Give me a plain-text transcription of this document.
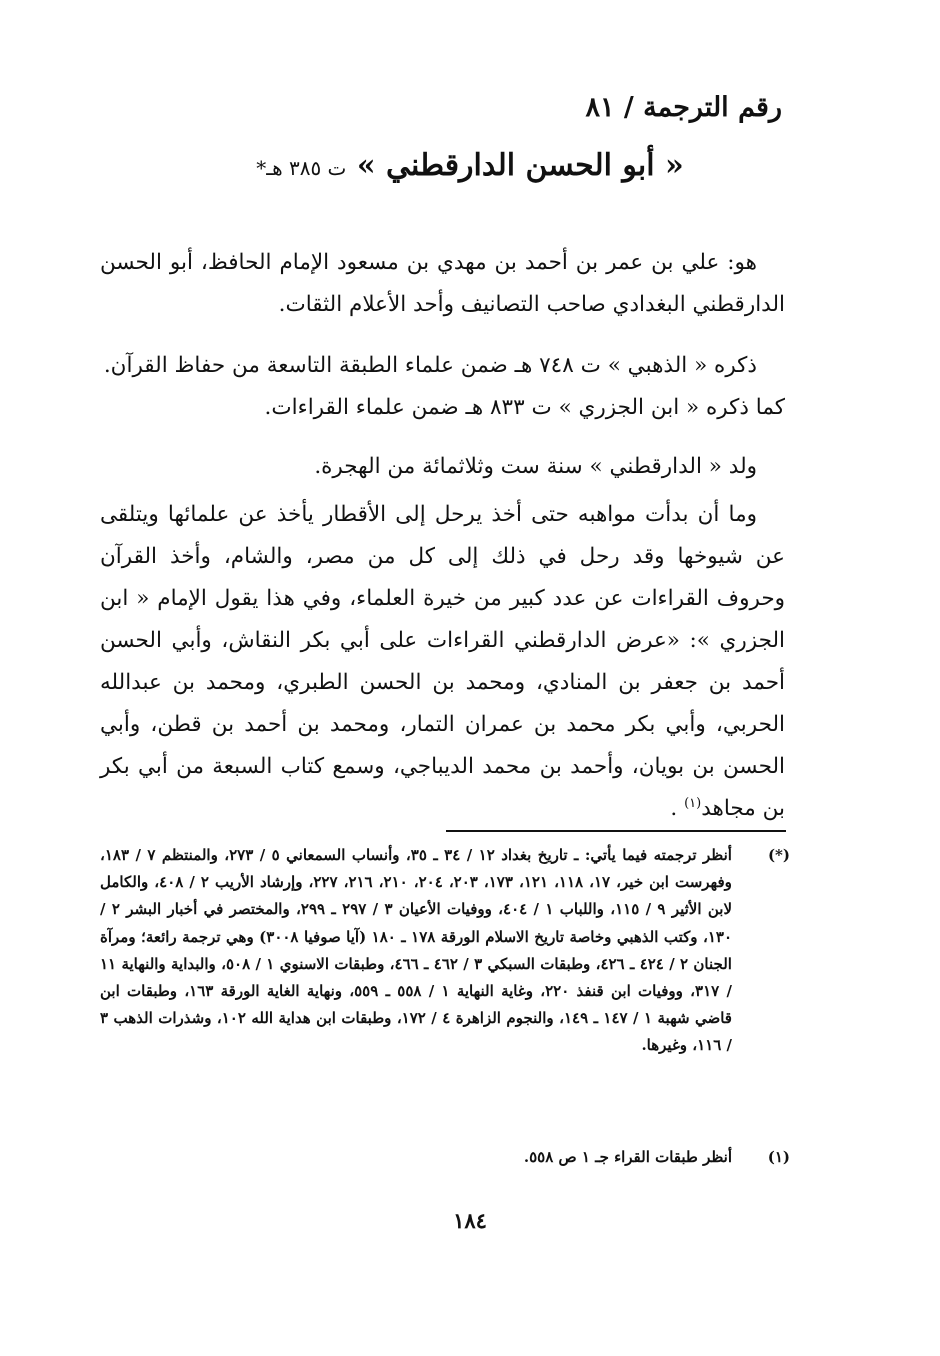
رقم الترجمة / ٨١
« أبو الحسن الدارقطني » ت ٣٨٥ هـ*
هو: علي بن عمر بن أحمد بن مهدي بن مسعود الإمام الحافظ، أبو الحسن الدارقطني البغدادي صاحب التصانيف وأحد الأعلام الثقات.
ذكره « الذهبي » ت ٧٤٨ هـ ضمن علماء الطبقة التاسعة من حفاظ القرآن.
كما ذكره « ابن الجزري » ت ٨٣٣ هـ ضمن علماء القراءات.
ولد « الدارقطني » سنة ست وثلاثمائة من الهجرة.
وما أن بدأت مواهبه حتى أخذ يرحل إلى الأقطار يأخذ عن علمائها ويتلقى عن شيوخها وقد رحل في ذلك إلى كل من مصر، والشام، وأخذ القرآن وحروف القراءات عن عدد كبير من خيرة العلماء، وفي هذا يقول الإمام « ابن الجزري »: «عرض الدارقطني القراءات على أبي بكر النقاش، وأبي الحسن أحمد بن جعفر بن المنادي، ومحمد بن الحسن الطبري، ومحمد بن عبدالله الحربي، وأبي بكر محمد بن عمران التمار، ومحمد بن أحمد بن قطن، وأبي الحسن بن بويان، وأحمد بن محمد الديباجي، وسمع كتاب السبعة من أبي بكر بن مجاهد$^{(١)}$ .
(*)
أنظر ترجمته فيما يأتي: ـ تاريخ بغداد ١٢ / ٣٤ ـ ٣٥، وأنساب السمعاني ٥ / ٢٧٣، والمنتظم ٧ / ١٨٣، وفهرست ابن خير، ١٧، ١١٨، ١٢١، ١٧٣، ٢٠٣، ٢٠٤، ٢١٠، ٢١٦، ٢٢٧، وإرشاد الأريب ٢ / ٤٠٨، والكامل لابن الأثير ٩ / ١١٥، واللباب ١ / ٤٠٤، ووفيات الأعيان ٣ / ٢٩٧ ـ ٢٩٩، والمختصر في أخبار البشر ٢ / ١٣٠، وكتب الذهبي وخاصة تاريخ الاسلام الورقة ١٧٨ ـ ١٨٠ (آيا صوفيا ٣٠٠٨) وهي ترجمة رائعة؛ ومرآة الجنان ٢ / ٤٢٤ ـ ٤٢٦، وطبقات السبكي ٣ / ٤٦٢ ـ ٤٦٦، وطبقات الاسنوي ١ / ٥٠٨، والبداية والنهاية ١١ / ٣١٧، ووفيات ابن قنفذ ٢٢٠، وغاية النهاية ١ / ٥٥٨ ـ ٥٥٩، ونهاية الغاية الورقة ١٦٣، وطبقات ابن قاضي شهبة ١ / ١٤٧ ـ ١٤٩، والنجوم الزاهرة ٤ / ١٧٢، وطبقات ابن هداية الله ١٠٢، وشذرات الذهب ٣ / ١١٦، وغيرها.
(١)
أنظر طبقات القراء جـ ١ ص ٥٥٨.
١٨٤
